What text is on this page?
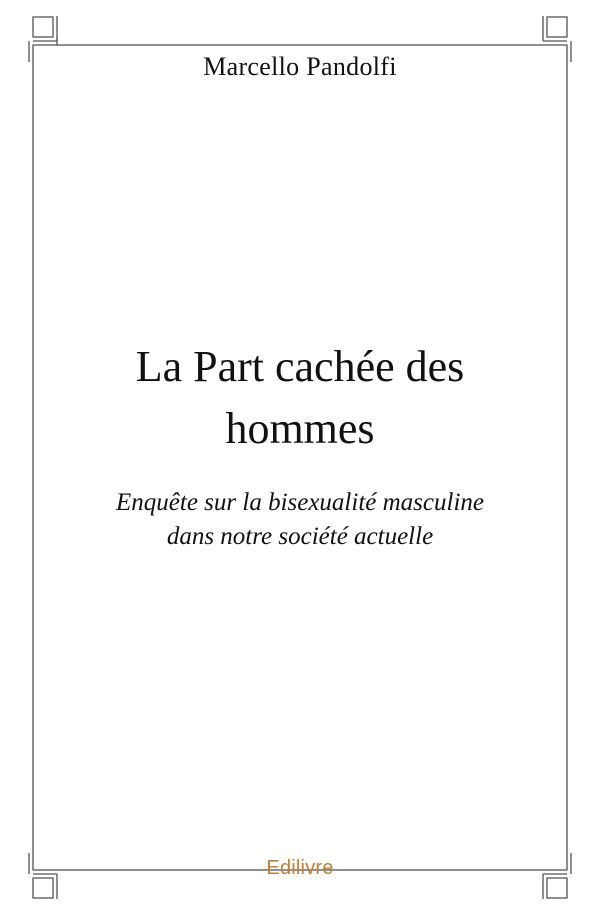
Marcello Pandolfi
La Part cachée des
hommes
Enquête sur la bisexualité masculine
dans notre société actuelle
Edilivre
